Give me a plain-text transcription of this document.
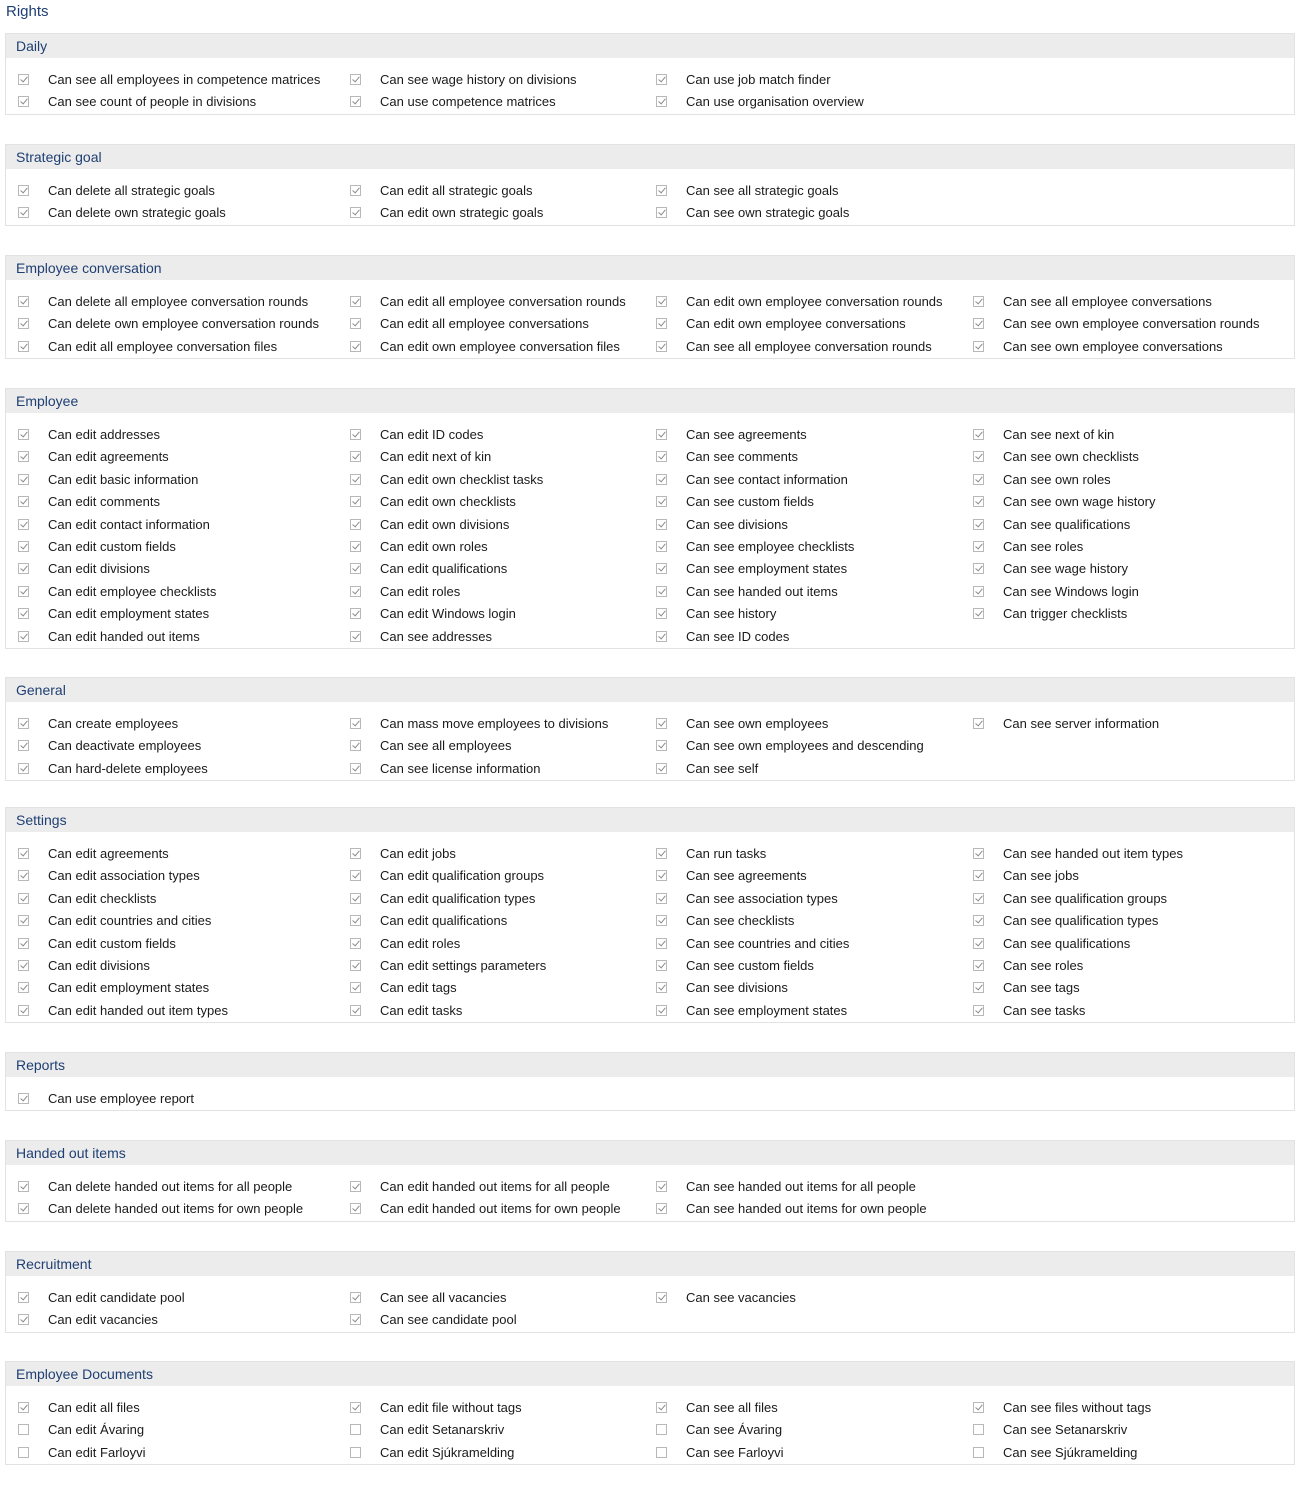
Rights
Daily
Can see all employees in competence matrices
Can see count of people in divisions
Can see wage history on divisions
Can use competence matrices
Can use job match finder
Can use organisation overview
Strategic goal
Can delete all strategic goals
Can delete own strategic goals
Can edit all strategic goals
Can edit own strategic goals
Can see all strategic goals
Can see own strategic goals
Employee conversation
Can delete all employee conversation rounds
Can delete own employee conversation rounds
Can edit all employee conversation files
Can edit all employee conversation rounds
Can edit all employee conversations
Can edit own employee conversation files
Can edit own employee conversation rounds
Can edit own employee conversations
Can see all employee conversation rounds
Can see all employee conversations
Can see own employee conversation rounds
Can see own employee conversations
Employee
Can edit addresses
Can edit agreements
Can edit basic information
Can edit comments
Can edit contact information
Can edit custom fields
Can edit divisions
Can edit employee checklists
Can edit employment states
Can edit handed out items
Can edit ID codes
Can edit next of kin
Can edit own checklist tasks
Can edit own checklists
Can edit own divisions
Can edit own roles
Can edit qualifications
Can edit roles
Can edit Windows login
Can see addresses
Can see agreements
Can see comments
Can see contact information
Can see custom fields
Can see divisions
Can see employee checklists
Can see employment states
Can see handed out items
Can see history
Can see ID codes
Can see next of kin
Can see own checklists
Can see own roles
Can see own wage history
Can see qualifications
Can see roles
Can see wage history
Can see Windows login
Can trigger checklists
General
Can create employees
Can deactivate employees
Can hard-delete employees
Can mass move employees to divisions
Can see all employees
Can see license information
Can see own employees
Can see own employees and descending
Can see self
Can see server information
Settings
Can edit agreements
Can edit association types
Can edit checklists
Can edit countries and cities
Can edit custom fields
Can edit divisions
Can edit employment states
Can edit handed out item types
Can edit jobs
Can edit qualification groups
Can edit qualification types
Can edit qualifications
Can edit roles
Can edit settings parameters
Can edit tags
Can edit tasks
Can run tasks
Can see agreements
Can see association types
Can see checklists
Can see countries and cities
Can see custom fields
Can see divisions
Can see employment states
Can see handed out item types
Can see jobs
Can see qualification groups
Can see qualification types
Can see qualifications
Can see roles
Can see tags
Can see tasks
Reports
Can use employee report
Handed out items
Can delete handed out items for all people
Can delete handed out items for own people
Can edit handed out items for all people
Can edit handed out items for own people
Can see handed out items for all people
Can see handed out items for own people
Recruitment
Can edit candidate pool
Can edit vacancies
Can see all vacancies
Can see candidate pool
Can see vacancies
Employee Documents
Can edit all files
Can edit Ávaring
Can edit Farloyvi
Can edit file without tags
Can edit Setanarskriv
Can edit Sjúkramelding
Can see all files
Can see Ávaring
Can see Farloyvi
Can see files without tags
Can see Setanarskriv
Can see Sjúkramelding
